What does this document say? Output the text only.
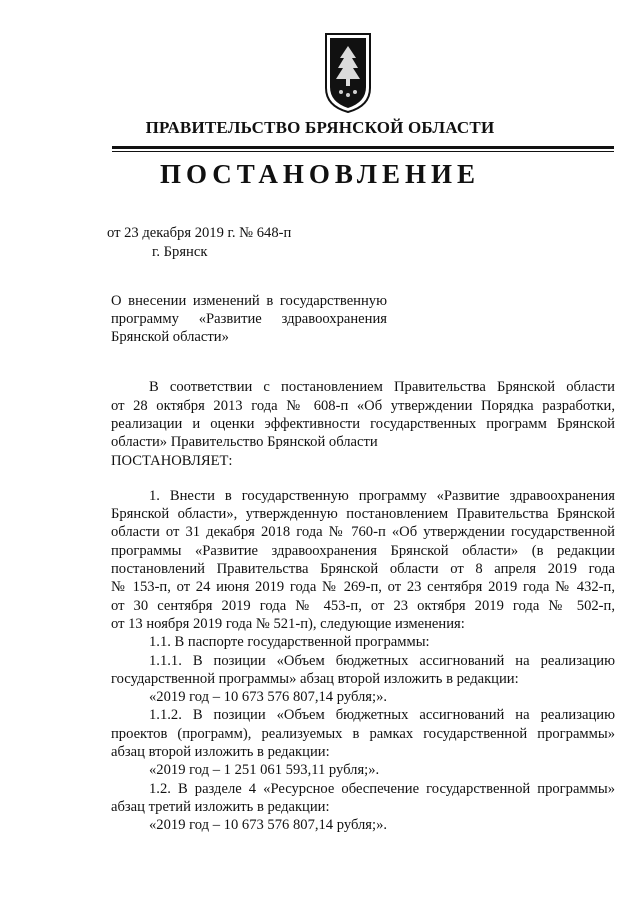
ПРАВИТЕЛЬСТВО БРЯНСКОЙ ОБЛАСТИ
ПОСТАНОВЛЕНИЕ
от 23 декабря 2019 г. № 648-п
г. Брянск
О внесении изменений в государственную
программу «Развитие здравоохранения
Брянской области»
В соответствии с постановлением Правительства Брянской области
от 28 октября 2013 года № 608-п «Об утверждении Порядка разработки,
реализации и оценки эффективности государственных программ Брянской
области» Правительство Брянской области
ПОСТАНОВЛЯЕТ:
1. Внести в государственную программу «Развитие здравоохранения
Брянской области», утвержденную постановлением Правительства Брянской
области от 31 декабря 2018 года № 760-п «Об утверждении государственной
программы «Развитие здравоохранения Брянской области» (в редакции
постановлений Правительства Брянской области от 8 апреля 2019 года
№ 153-п, от 24 июня 2019 года № 269-п, от 23 сентября 2019 года № 432-п,
от 30 сентября 2019 года № 453-п, от 23 октября 2019 года № 502-п,
от 13 ноября 2019 года № 521-п), следующие изменения:
1.1. В паспорте государственной программы:
1.1.1. В позиции «Объем бюджетных ассигнований на реализацию
государственной программы» абзац второй изложить в редакции:
«2019 год – 10 673 576 807,14 рубля;».
1.1.2. В позиции «Объем бюджетных ассигнований на реализацию
проектов (программ), реализуемых в рамках государственной программы»
абзац второй изложить в редакции:
«2019 год – 1 251 061 593,11 рубля;».
1.2. В разделе 4 «Ресурсное обеспечение государственной программы»
абзац третий изложить в редакции:
«2019 год – 10 673 576 807,14 рубля;».
